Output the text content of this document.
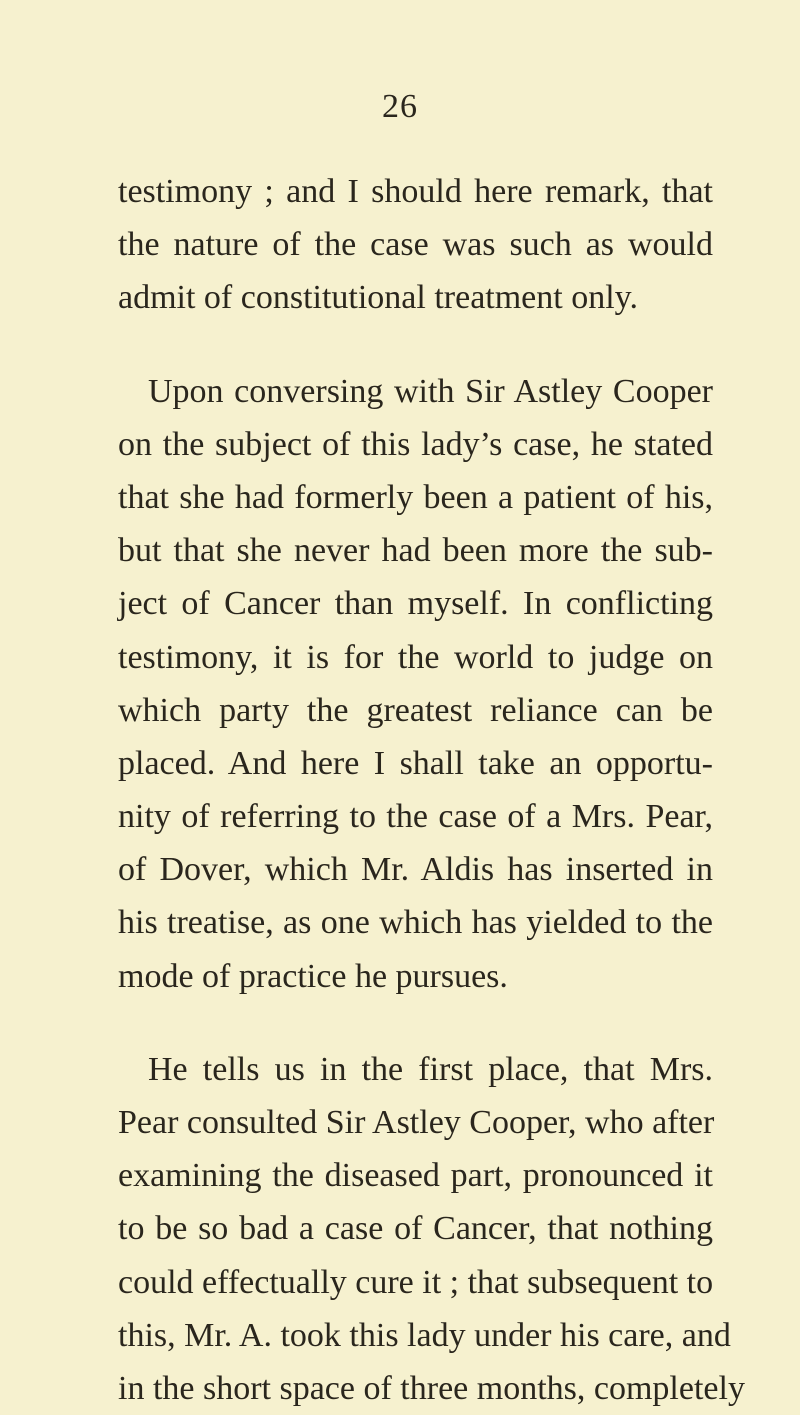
26
testimony ; and I should here remark, that
the nature of the case was such as would
admit of constitutional treatment only.
Upon conversing with Sir Astley Cooper
on the subject of this lady’s case, he stated
that she had formerly been a patient of his,
but that she never had been more the sub-
ject of Cancer than myself. In conflicting
testimony, it is for the world to judge on
which party the greatest reliance can be
placed. And here I shall take an opportu-
nity of referring to the case of a Mrs. Pear,
of Dover, which Mr. Aldis has inserted in
his treatise, as one which has yielded to the
mode of practice he pursues.
He tells us in the first place, that Mrs.
Pear consulted Sir Astley Cooper, who after
examining the diseased part, pronounced it
to be so bad a case of Cancer, that nothing
could effectually cure it ; that subsequent to
this, Mr. A. took this lady under his care, and
in the short space of three months, completely
